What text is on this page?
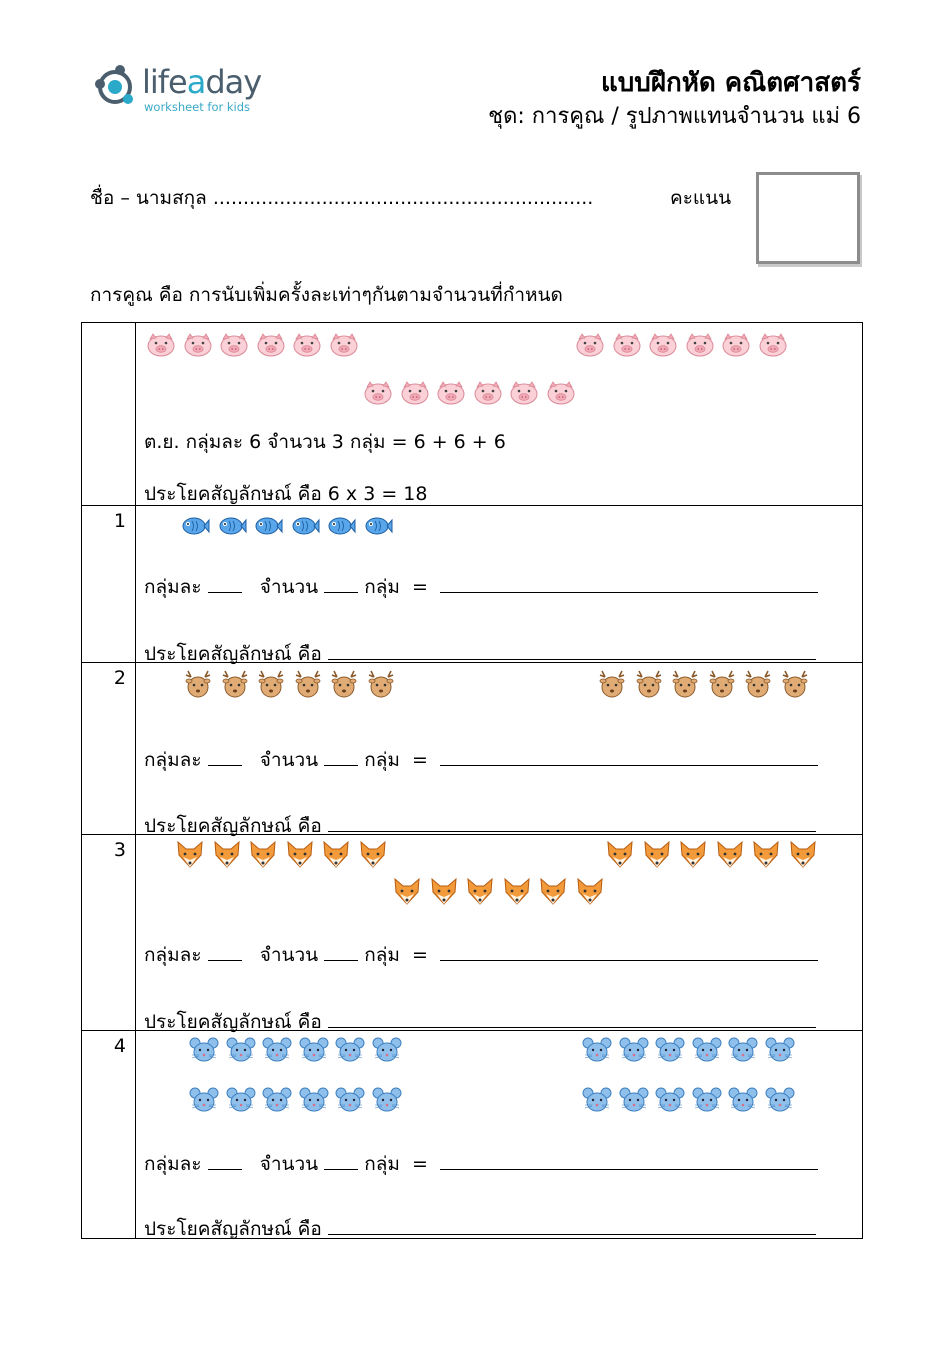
lifeaday
worksheet for kids
แบบฝึกหัด คณิตศาสตร์
ชุด: การคูณ / รูปภาพแทนจำนวน แม่ 6
ชื่อ – นามสกุล ...............................................................	คะแนน
การคูณ คือ การนับเพิ่มครั้งละเท่าๆกันตามจำนวนที่กำหนด
ต.ย. กลุ่มละ 6 จำนวน 3 กลุ่ม = 6 + 6 + 6
ประโยคสัญลักษณ์ คือ 6 x 3 = 18
1
กลุ่มละ	จำนวน กลุ่ม =
ประโยคสัญลักษณ์ คือ
2
กลุ่มละ	จำนวน กลุ่ม =
ประโยคสัญลักษณ์ คือ
3
กลุ่มละ	จำนวน กลุ่ม =
ประโยคสัญลักษณ์ คือ
4
กลุ่มละ	จำนวน กลุ่ม =
ประโยคสัญลักษณ์ คือ
